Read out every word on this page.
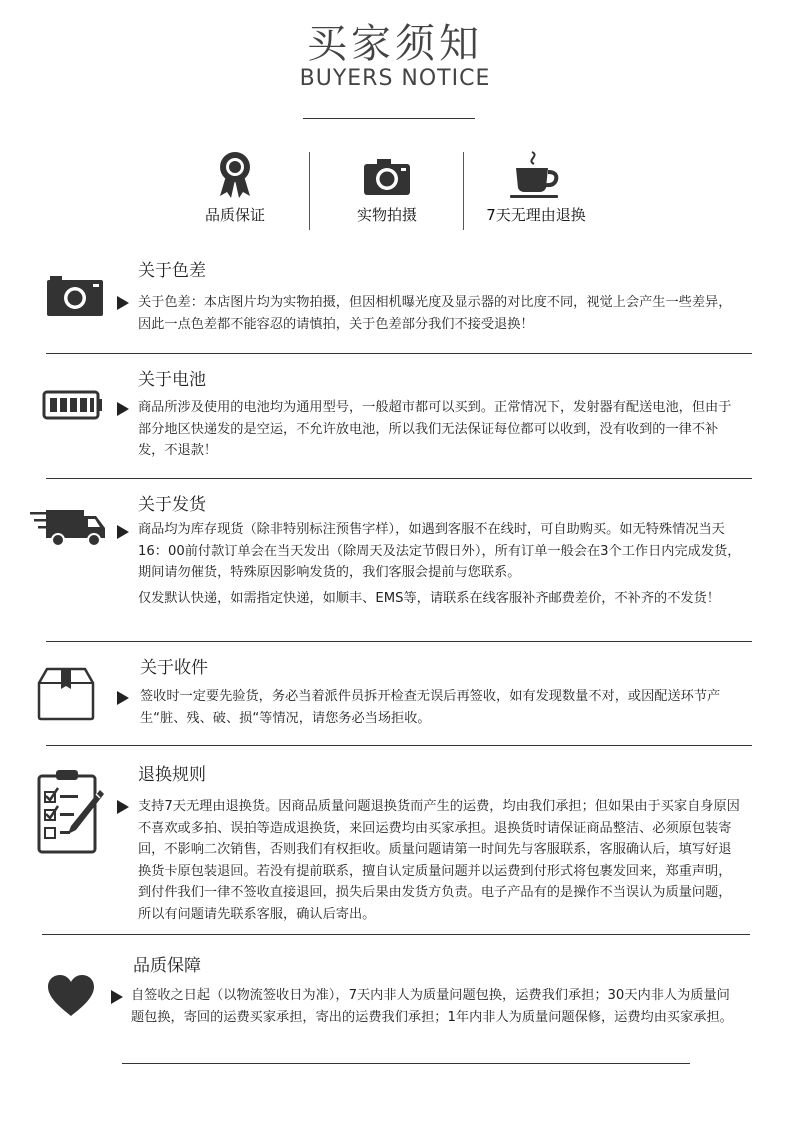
买家须知
BUYERS NOTICE
品质保证	实物拍摄	7天无理由退换
关于色差

关于色差：本店图片均为实物拍摄，但因相机曝光度及显示器的对比度不同，视觉上会产生一些差异，因此一点色差都不能容忍的请慎拍，关于色差部分我们不接受退换！

关于电池

商品所涉及使用的电池均为通用型号，一般超市都可以买到。正常情况下，发射器有配送电池，但由于部分地区快递发的是空运，不允许放电池，所以我们无法保证每位都可以收到，没有收到的一律不补发，不退款！

关于发货

商品均为库存现货（除非特别标注预售字样），如遇到客服不在线时，可自助购买。如无特殊情况当天16：00前付款订单会在当天发出（除周天及法定节假日外），所有订单一般会在3个工作日内完成发货，期间请勿催货，特殊原因影响发货的，我们客服会提前与您联系。

仅发默认快递，如需指定快递，如顺丰、EMS等，请联系在线客服补齐邮费差价，不补齐的不发货！

关于收件

签收时一定要先验货，务必当着派件员拆开检查无误后再签收，如有发现数量不对，或因配送环节产生“脏、残、破、损“等情况，请您务必当场拒收。

退换规则

支持7天无理由退换货。因商品质量问题退换货而产生的运费，均由我们承担；但如果由于买家自身原因不喜欢或多拍、误拍等造成退换货，来回运费均由买家承担。退换货时请保证商品整洁、必须原包装寄回，不影响二次销售，否则我们有权拒收。质量问题请第一时间先与客服联系，客服确认后，填写好退换货卡原包装退回。若没有提前联系，擅自认定质量问题并以运费到付形式将包裹发回来，郑重声明，到付件我们一律不签收直接退回，损失后果由发货方负责。电子产品有的是操作不当误认为质量问题，所以有问题请先联系客服，确认后寄出。

品质保障

自签收之日起（以物流签收日为准），7天内非人为质量问题包换，运费我们承担；30天内非人为质量问题包换，寄回的运费买家承担，寄出的运费我们承担；1年内非人为质量问题保修，运费均由买家承担。
